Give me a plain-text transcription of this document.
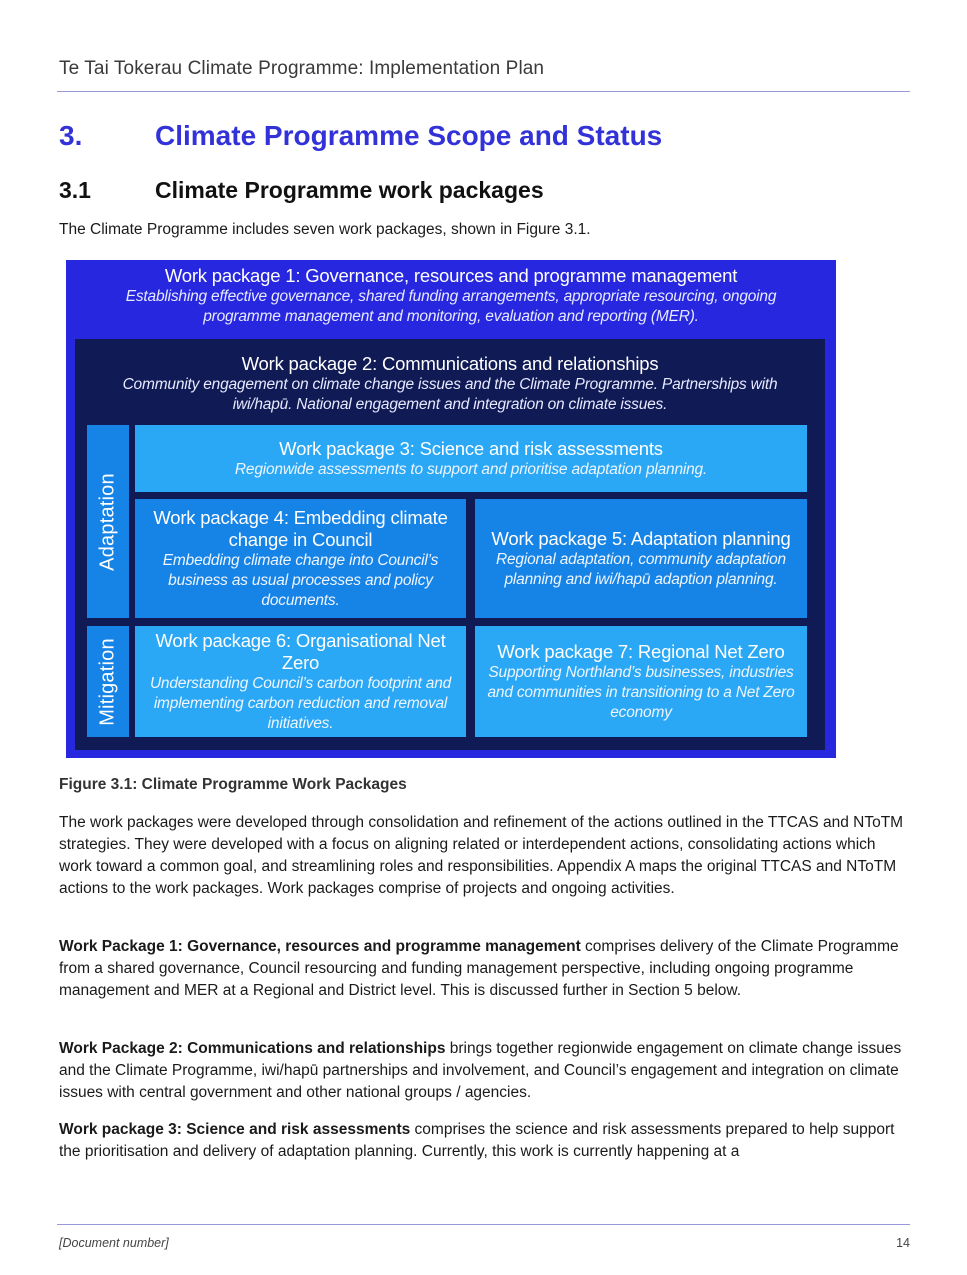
Te Tai Tokerau Climate Programme: Implementation Plan
3.	Climate Programme Scope and Status
3.1	Climate Programme work packages
The Climate Programme includes seven work packages, shown in Figure 3.1.
Work package 1: Governance, resources and programme management
Establishing effective governance, shared funding arrangements, appropriate resourcing, ongoing programme management and monitoring, evaluation and reporting (MER).
Work package 2: Communications and relationships
Community engagement on climate change issues and the Climate Programme. Partnerships with iwi/hapū. National engagement and integration on climate issues.
Adaptation
Mitigation
Work package 3: Science and risk assessments
Regionwide assessments to support and prioritise adaptation planning.
Work package 4: Embedding climate change in Council
Embedding climate change into Council’s business as usual processes and policy documents.
Work package 5: Adaptation planning
Regional adaptation, community adaptation planning and iwi/hapū adaption planning.
Work package 6: Organisational Net Zero
Understanding Council’s carbon footprint and implementing carbon reduction and removal initiatives.
Work package 7: Regional Net Zero
Supporting Northland’s businesses, industries and communities in transitioning to a Net Zero economy
Figure 3.1: Climate Programme Work Packages
The work packages were developed through consolidation and refinement of the actions outlined in the TTCAS and NToTM strategies. They were developed with a focus on aligning related or interdependent actions, consolidating actions which work toward a common goal, and streamlining roles and responsibilities. Appendix A maps the original TTCAS and NToTM actions to the work packages. Work packages comprise of projects and ongoing activities.
Work Package 1: Governance, resources and programme management comprises delivery of the Climate Programme from a shared governance, Council resourcing and funding management perspective, including ongoing programme management and MER at a Regional and District level. This is discussed further in Section 5 below.
Work Package 2: Communications and relationships brings together regionwide engagement on climate change issues and the Climate Programme, iwi/hapū partnerships and involvement, and Council’s engagement and integration on climate issues with central government and other national groups / agencies.
Work package 3: Science and risk assessments comprises the science and risk assessments prepared to help support the prioritisation and delivery of adaptation planning. Currently, this work is currently happening at a
[Document number]	14
